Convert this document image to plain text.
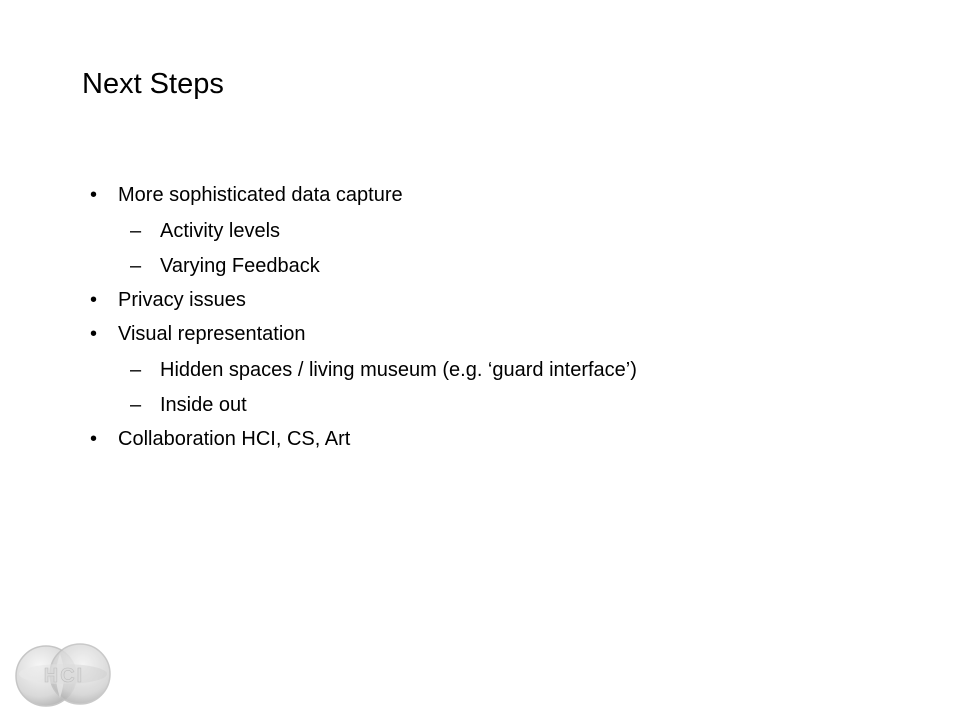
Next Steps
• More sophisticated data capture
– Activity levels
– Varying Feedback
• Privacy issues
• Visual representation
– Hidden spaces / living museum (e.g. ‘guard interface’)
– Inside out
• Collaboration HCI, CS, Art
HCI
